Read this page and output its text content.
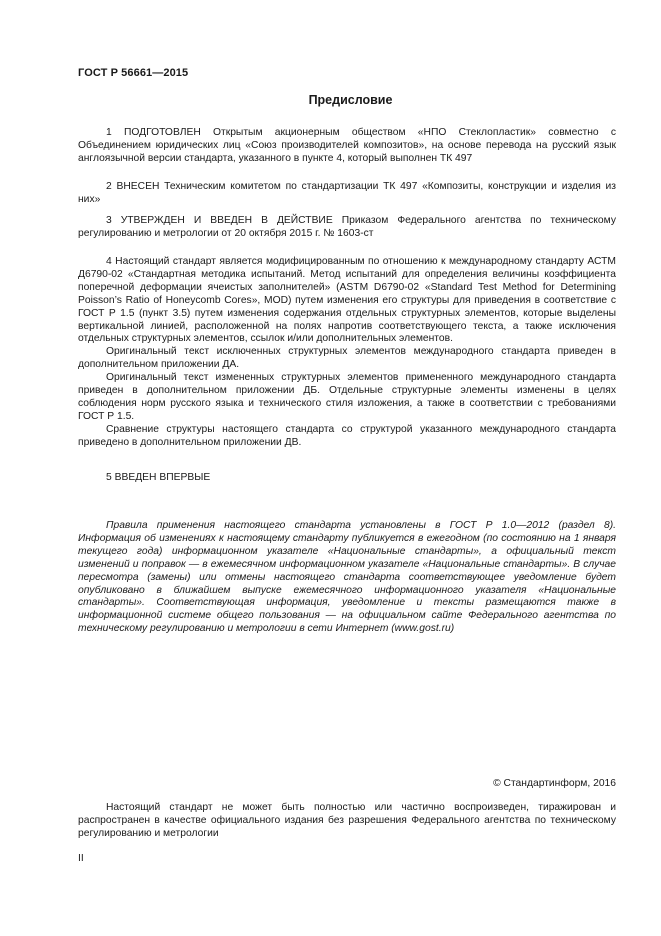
ГОСТ Р 56661—2015
Предисловие

1 ПОДГОТОВЛЕН Открытым акционерным обществом «НПО Стеклопластик» совместно с Объединением юридических лиц «Союз производителей композитов», на основе перевода на русский язык англоязычной версии стандарта, указанного в пункте 4, который выполнен ТК 497

2 ВНЕСЕН Техническим комитетом по стандартизации ТК 497 «Композиты, конструкции и изделия из них»

3 УТВЕРЖДЕН И ВВЕДЕН В ДЕЙСТВИЕ Приказом Федерального агентства по техническому регулированию и метрологии от 20 октября 2015 г. № 1603-ст

4 Настоящий стандарт является модифицированным по отношению к международному стандарту АСТМ Д6790-02 «Стандартная методика испытаний. Метод испытаний для определения величины коэффициента поперечной деформации ячеистых заполнителей» (ASTM D6790-02 «Standard Test Method for Determining Poisson’s Ratio of Honeycomb Cores», MOD) путем изменения его структуры для приведения в соответствие с ГОСТ Р 1.5 (пункт 3.5) путем изменения содержания отдельных структурных элементов, которые выделены вертикальной линией, расположенной на полях напротив соответствующего текста, а также исключения отдельных структурных элементов, ссылок и/или дополнительных элементов.

Оригинальный текст исключенных структурных элементов международного стандарта приведен в дополнительном приложении ДА.

Оригинальный текст измененных структурных элементов примененного международного стандарта приведен в дополнительном приложении ДБ. Отдельные структурные элементы изменены в целях соблюдения норм русского языка и технического стиля изложения, а также в соответствии с требованиями ГОСТ Р 1.5.

Сравнение структуры настоящего стандарта со структурой указанного международного стандарта приведено в дополнительном приложении ДВ.

5 ВВЕДЕН ВПЕРВЫЕ

Правила применения настоящего стандарта установлены в ГОСТ Р 1.0—2012 (раздел 8). Информация об изменениях к настоящему стандарту публикуется в ежегодном (по состоянию на 1 января текущего года) информационном указателе «Национальные стандарты», а официальный текст изменений и поправок — в ежемесячном информационном указателе «Национальные стандарты». В случае пересмотра (замены) или отмены настоящего стандарта соответствующее уведомление будет опубликовано в ближайшем выпуске ежемесячного информационного указателя «Национальные стандарты». Соответствующая информация, уведомление и тексты размещаются также в информационной системе общего пользования — на официальном сайте Федерального агентства по техническому регулированию и метрологии в сети Интернет (www.gost.ru)

© Стандартинформ, 2016

Настоящий стандарт не может быть полностью или частично воспроизведен, тиражирован и распространен в качестве официального издания без разрешения Федерального агентства по техническому регулированию и метрологии

II
